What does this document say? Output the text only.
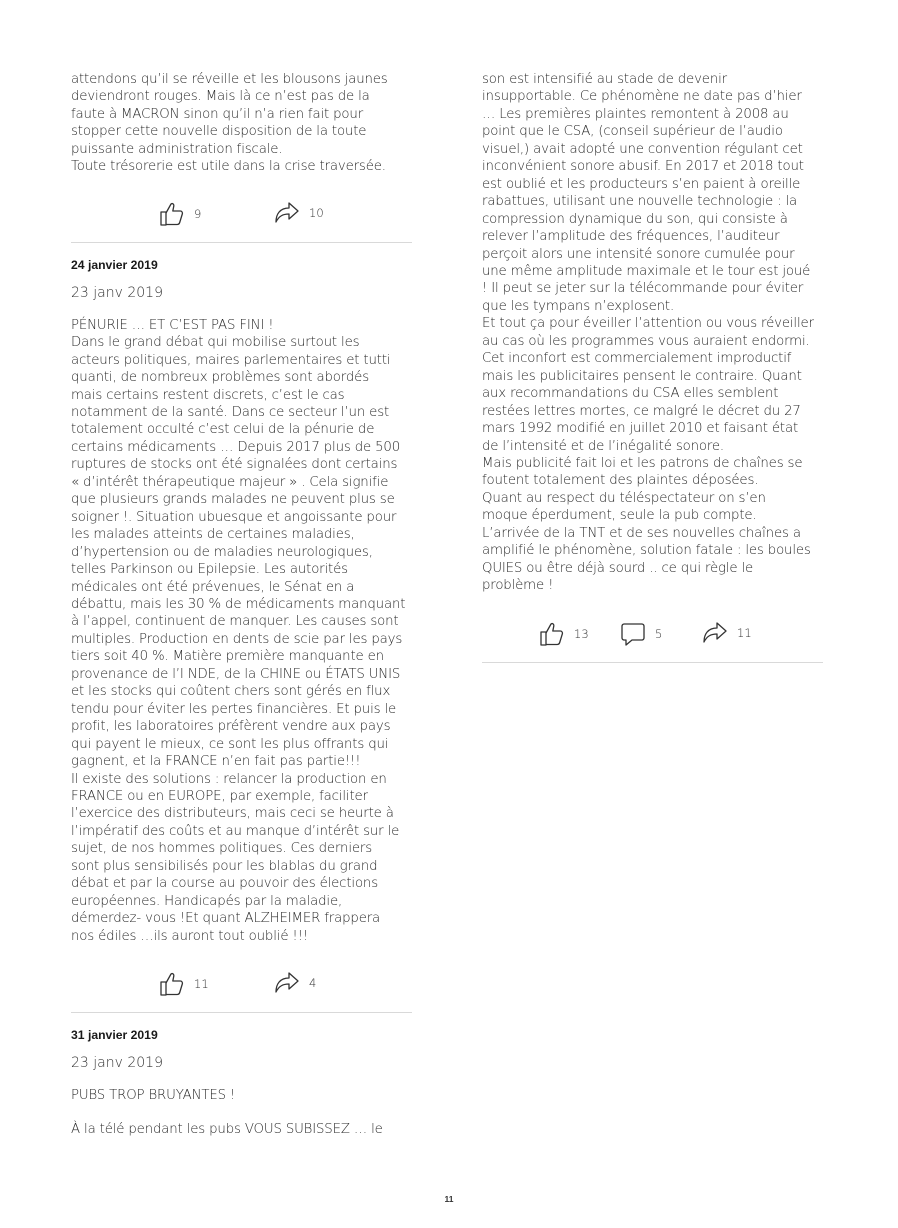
attendons qu’il se réveille et les blousons jaunes
deviendront rouges. Mais là ce n’est pas de la
faute à MACRON sinon qu’il n’a rien fait pour
stopper cette nouvelle disposition de la toute
puissante administration fiscale.
Toute trésorerie est utile dans la crise traversée.

9	10

24 janvier 2019

23 janv 2019

PÉNURIE … ET C’EST PAS FINI !
Dans le grand débat qui mobilise surtout les
acteurs politiques, maires parlementaires et tutti
quanti, de nombreux problèmes sont abordés
mais certains restent discrets, c’est le cas
notamment de la santé. Dans ce secteur l’un est
totalement occulté c’est celui de la pénurie de
certains médicaments … Depuis 2017 plus de 500
ruptures de stocks ont été signalées dont certains
« d’intérêt thérapeutique majeur » . Cela signifie
que plusieurs grands malades ne peuvent plus se
soigner !. Situation ubuesque et angoissante pour
les malades atteints de certaines maladies,
d’hypertension ou de maladies neurologiques,
telles Parkinson ou Epilepsie. Les autorités
médicales ont été prévenues, le Sénat en a
débattu, mais les 30 % de médicaments manquant
à l’appel, continuent de manquer. Les causes sont
multiples. Production en dents de scie par les pays
tiers soit 40 %. Matière première manquante en
provenance de l’I NDE, de la CHINE ou ÉTATS UNIS
et les stocks qui coûtent chers sont gérés en flux
tendu pour éviter les pertes financières. Et puis le
profit, les laboratoires préfèrent vendre aux pays
qui payent le mieux, ce sont les plus offrants qui
gagnent, et la FRANCE n’en fait pas partie!!!
Il existe des solutions : relancer la production en
FRANCE ou en EUROPE, par exemple, faciliter
l’exercice des distributeurs, mais ceci se heurte à
l’impératif des coûts et au manque d’intérêt sur le
sujet, de nos hommes politiques. Ces derniers
sont plus sensibilisés pour les blablas du grand
débat et par la course au pouvoir des élections
européennes. Handicapés par la maladie,
démerdez- vous !Et quant ALZHEIMER frappera
nos édiles …ils auront tout oublié !!!

11	4

31 janvier 2019

23 janv 2019

PUBS TROP BRUYANTES !

À la télé pendant les pubs VOUS SUBISSEZ … le

son est intensifié au stade de devenir
insupportable. Ce phénomène ne date pas d’hier
… Les premières plaintes remontent à 2008 au
point que le CSA, (conseil supérieur de l’audio
visuel,) avait adopté une convention régulant cet
inconvénient sonore abusif. En 2017 et 2018 tout
est oublié et les producteurs s’en paient à oreille
rabattues, utilisant une nouvelle technologie : la
compression dynamique du son, qui consiste à
relever l’amplitude des fréquences, l’auditeur
perçoit alors une intensité sonore cumulée pour
une même amplitude maximale et le tour est joué
! Il peut se jeter sur la télécommande pour éviter
que les tympans n’explosent.
Et tout ça pour éveiller l’attention ou vous réveiller
au cas où les programmes vous auraient endormi.
Cet inconfort est commercialement improductif
mais les publicitaires pensent le contraire. Quant
aux recommandations du CSA elles semblent
restées lettres mortes, ce malgré le décret du 27
mars 1992 modifié en juillet 2010 et faisant état
de l’intensité et de l’inégalité sonore.
Mais publicité fait loi et les patrons de chaînes se
foutent totalement des plaintes déposées.
Quant au respect du téléspectateur on s’en
moque éperdument, seule la pub compte.
L’arrivée de la TNT et de ses nouvelles chaînes a
amplifié le phénomène, solution fatale : les boules
QUIES ou être déjà sourd .. ce qui règle le
problème !

13	5	11
11
